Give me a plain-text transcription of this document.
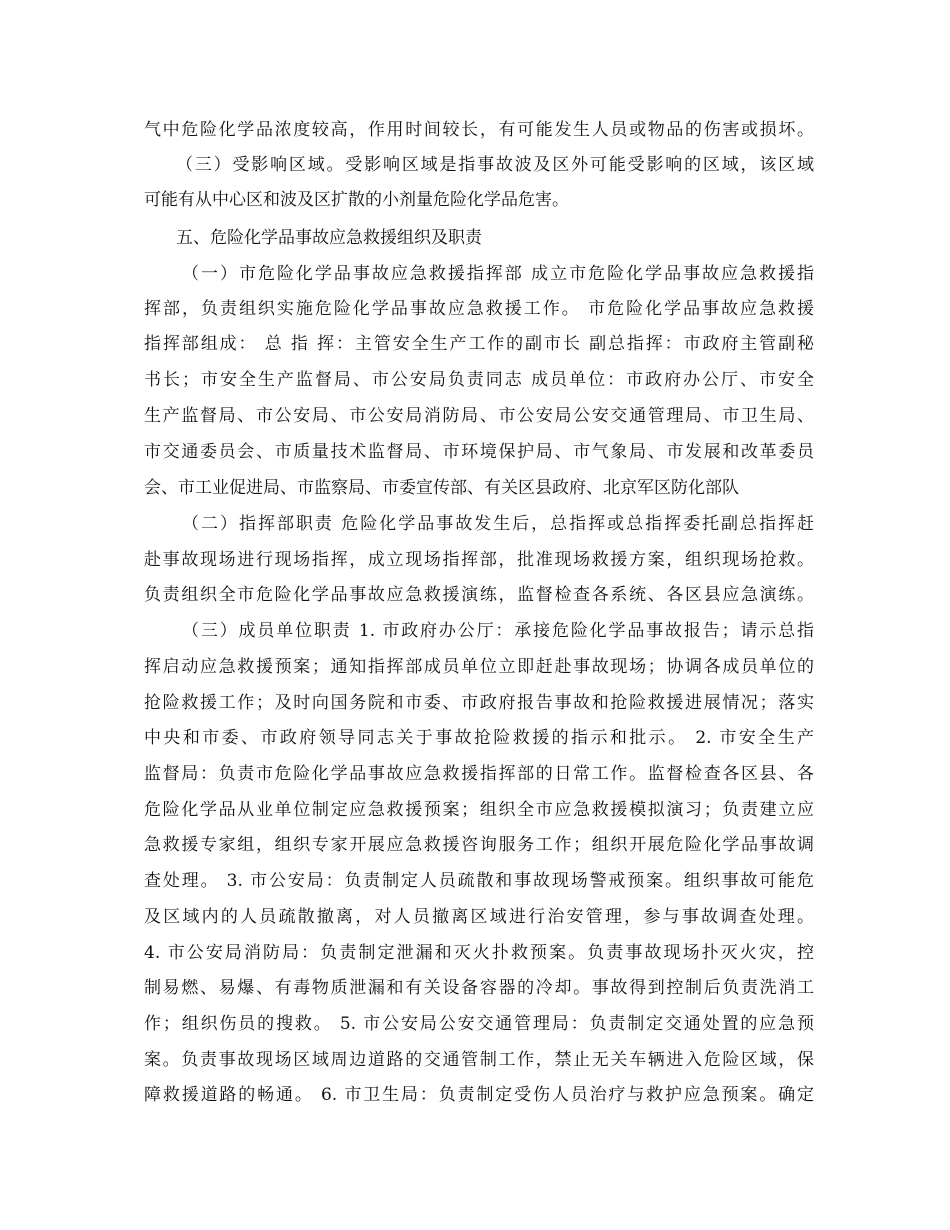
气中危险化学品浓度较高，作用时间较长，有可能发生人员或物品的伤害或损坏。

（三）受影响区域。受影响区域是指事故波及区外可能受影响的区域，该区域

可能有从中心区和波及区扩散的小剂量危险化学品危害。

五、危险化学品事故应急救援组织及职责

（一）市危险化学品事故应急救援指挥部 成立市危险化学品事故应急救援指

挥部，负责组织实施危险化学品事故应急救援工作。 市危险化学品事故应急救援

指挥部组成： 总 指 挥：主管安全生产工作的副市长 副总指挥：市政府主管副秘

书长；市安全生产监督局、市公安局负责同志 成员单位：市政府办公厅、市安全

生产监督局、市公安局、市公安局消防局、市公安局公安交通管理局、市卫生局、

市交通委员会、市质量技术监督局、市环境保护局、市气象局、市发展和改革委员

会、市工业促进局、市监察局、市委宣传部、有关区县政府、北京军区防化部队

（二）指挥部职责 危险化学品事故发生后，总指挥或总指挥委托副总指挥赶

赴事故现场进行现场指挥，成立现场指挥部，批准现场救援方案，组织现场抢救。

负责组织全市危险化学品事故应急救援演练，监督检查各系统、各区县应急演练。

（三）成员单位职责 1. 市政府办公厅：承接危险化学品事故报告；请示总指

挥启动应急救援预案；通知指挥部成员单位立即赶赴事故现场；协调各成员单位的

抢险救援工作；及时向国务院和市委、市政府报告事故和抢险救援进展情况；落实

中央和市委、市政府领导同志关于事故抢险救援的指示和批示。 2. 市安全生产

监督局：负责市危险化学品事故应急救援指挥部的日常工作。监督检查各区县、各

危险化学品从业单位制定应急救援预案；组织全市应急救援模拟演习；负责建立应

急救援专家组，组织专家开展应急救援咨询服务工作；组织开展危险化学品事故调

查处理。 3. 市公安局：负责制定人员疏散和事故现场警戒预案。组织事故可能危

及区域内的人员疏散撤离，对人员撤离区域进行治安管理，参与事故调查处理。

4. 市公安局消防局：负责制定泄漏和灭火扑救预案。负责事故现场扑灭火灾，控

制易燃、易爆、有毒物质泄漏和有关设备容器的冷却。事故得到控制后负责洗消工

作；组织伤员的搜救。 5. 市公安局公安交通管理局：负责制定交通处置的应急预

案。负责事故现场区域周边道路的交通管制工作，禁止无关车辆进入危险区域，保

障救援道路的畅通。 6. 市卫生局：负责制定受伤人员治疗与救护应急预案。确定
